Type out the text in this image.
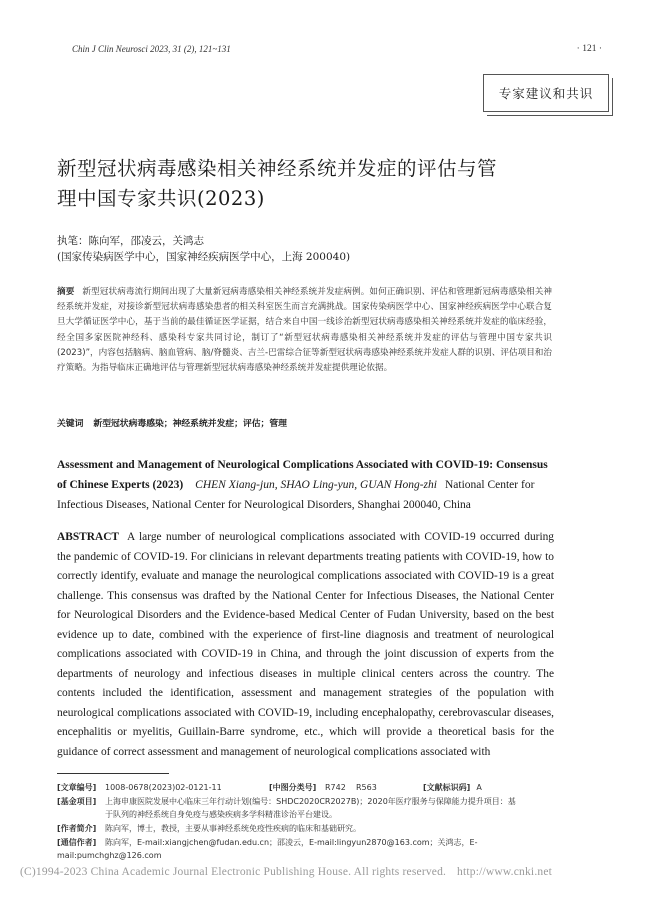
Chin J Clin Neurosci 2023, 31 (2), 121~131	· 121 ·
专家建议和共识
新型冠状病毒感染相关神经系统并发症的评估与管
理中国专家共识(2023)
执笔：陈向军，邵凌云，关鸿志
(国家传染病医学中心，国家神经疾病医学中心，上海 200040)
摘要 新型冠状病毒流行期间出现了大量新冠病毒感染相关神经系统并发症病例。如何正确识别、评估和管理新冠病毒感染相关神经系统并发症，对接诊新型冠状病毒感染患者的相关科室医生而言充满挑战。国家传染病医学中心、国家神经疾病医学中心联合复旦大学循证医学中心，基于当前的最佳循证医学证据，结合来自中国一线诊治新型冠状病毒感染相关神经系统并发症的临床经验，经全国多家医院神经科、感染科专家共同讨论，制订了“新型冠状病毒感染相关神经系统并发症的评估与管理中国专家共识(2023)”，内容包括脑病、脑血管病、脑/脊髓炎、吉兰-巴雷综合征等新型冠状病毒感染神经系统并发症人群的识别、评估项目和治疗策略。为指导临床正确地评估与管理新型冠状病毒感染神经系统并发症提供理论依据。
关键词 新型冠状病毒感染；神经系统并发症；评估；管理
Assessment and Management of Neurological Complications Associated with COVID-19: Consensus of Chinese Experts (2023) CHEN Xiang-jun, SHAO Ling-yun, GUAN Hong-zhi National Center for Infectious Diseases, National Center for Neurological Disorders, Shanghai 200040, China
ABSTRACT A large number of neurological complications associated with COVID-19 occurred during the pandemic of COVID-19. For clinicians in relevant departments treating patients with COVID-19, how to correctly identify, evaluate and manage the neurological complications associated with COVID-19 is a great challenge. This consensus was drafted by the National Center for Infectious Diseases, the National Center for Neurological Disorders and the Evidence-based Medical Center of Fudan University, based on the best evidence up to date, combined with the experience of first-line diagnosis and treatment of neurological complications associated with COVID-19 in China, and through the joint discussion of experts from the departments of neurology and infectious diseases in multiple clinical centers across the country. The contents included the identification, assessment and management strategies of the population with neurological complications associated with COVID-19, including encephalopathy, cerebrovascular diseases, encephalitis or myelitis, Guillain-Barre syndrome, etc., which will provide a theoretical basis for the guidance of correct assessment and management of neurological complications associated with
[文章编号] 1008-0678(2023)02-0121-11	[中图分类号] R742    R563	[文献标识码] A
[基金项目] 上海申康医院发展中心临床三年行动计划(编号：SHDC2020CR2027B)；2020年医疗服务与保障能力提升项目：基
于队列的神经系统自身免疫与感染疾病多学科精准诊治平台建设。
[作者简介] 陈向军，博士，教授，主要从事神经系统免疫性疾病的临床和基础研究。
[通信作者] 陈向军，E-mail:xiangjchen@fudan.edu.cn；邵凌云，E-mail:lingyun2870@163.com；关鸿志，E-mail:pumchghz@126.com
(C)1994-2023 China Academic Journal Electronic Publishing House. All rights reserved. http://www.cnki.net
